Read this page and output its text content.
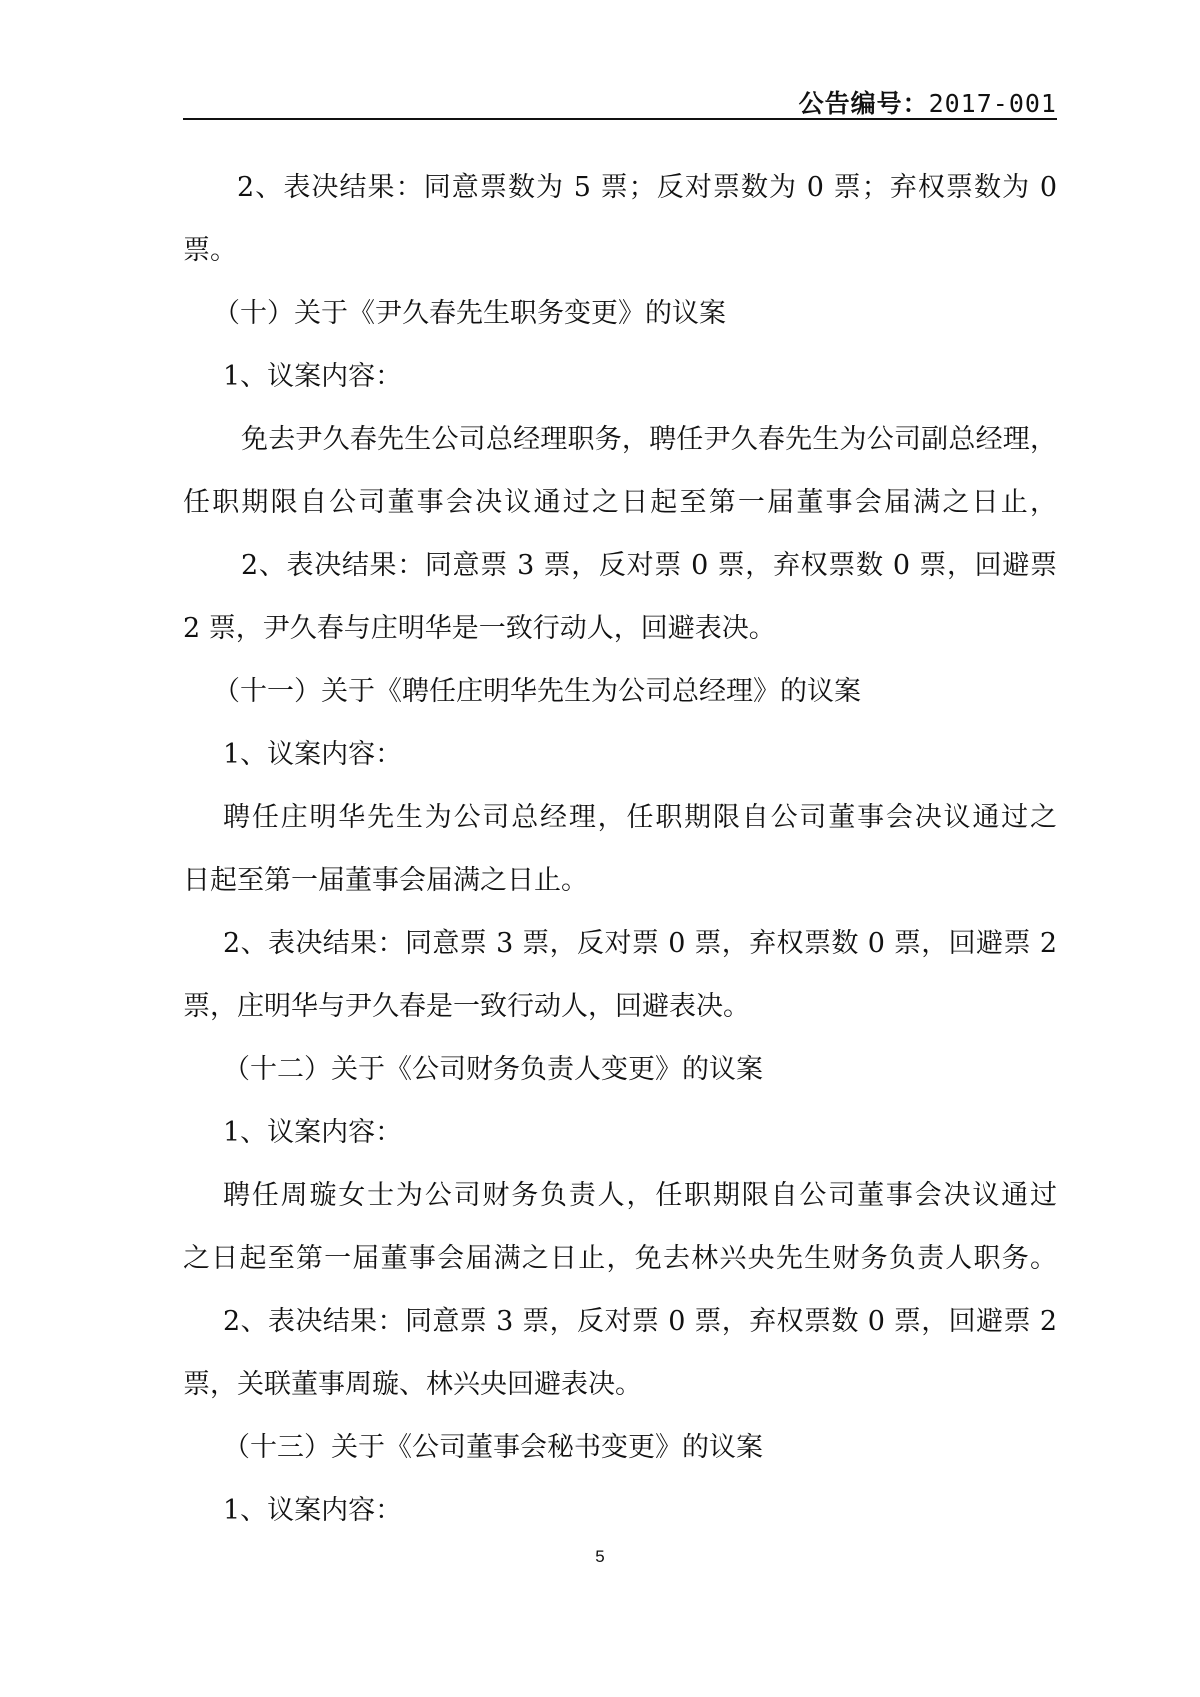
公告编号：2017-001
2、表决结果：同意票数为 5 票；反对票数为 0 票；弃权票数为 0
票。
（十）关于《尹久春先生职务变更》的议案
1、议案内容：
免去尹久春先生公司总经理职务，聘任尹久春先生为公司副总经理，
任职期限自公司董事会决议通过之日起至第一届董事会届满之日止，
2、表决结果：同意票 3 票，反对票 0 票，弃权票数 0 票，回避票
2 票，尹久春与庄明华是一致行动人，回避表决。
（十一）关于《聘任庄明华先生为公司总经理》的议案
1、议案内容：
聘任庄明华先生为公司总经理，任职期限自公司董事会决议通过之
日起至第一届董事会届满之日止。
2、表决结果：同意票 3 票，反对票 0 票，弃权票数 0 票，回避票 2
票，庄明华与尹久春是一致行动人，回避表决。
（十二）关于《公司财务负责人变更》的议案
1、议案内容：
聘任周璇女士为公司财务负责人，任职期限自公司董事会决议通过
之日起至第一届董事会届满之日止，免去林兴央先生财务负责人职务。
2、表决结果：同意票 3 票，反对票 0 票，弃权票数 0 票，回避票 2
票，关联董事周璇、林兴央回避表决。
（十三）关于《公司董事会秘书变更》的议案
1、议案内容：
5
